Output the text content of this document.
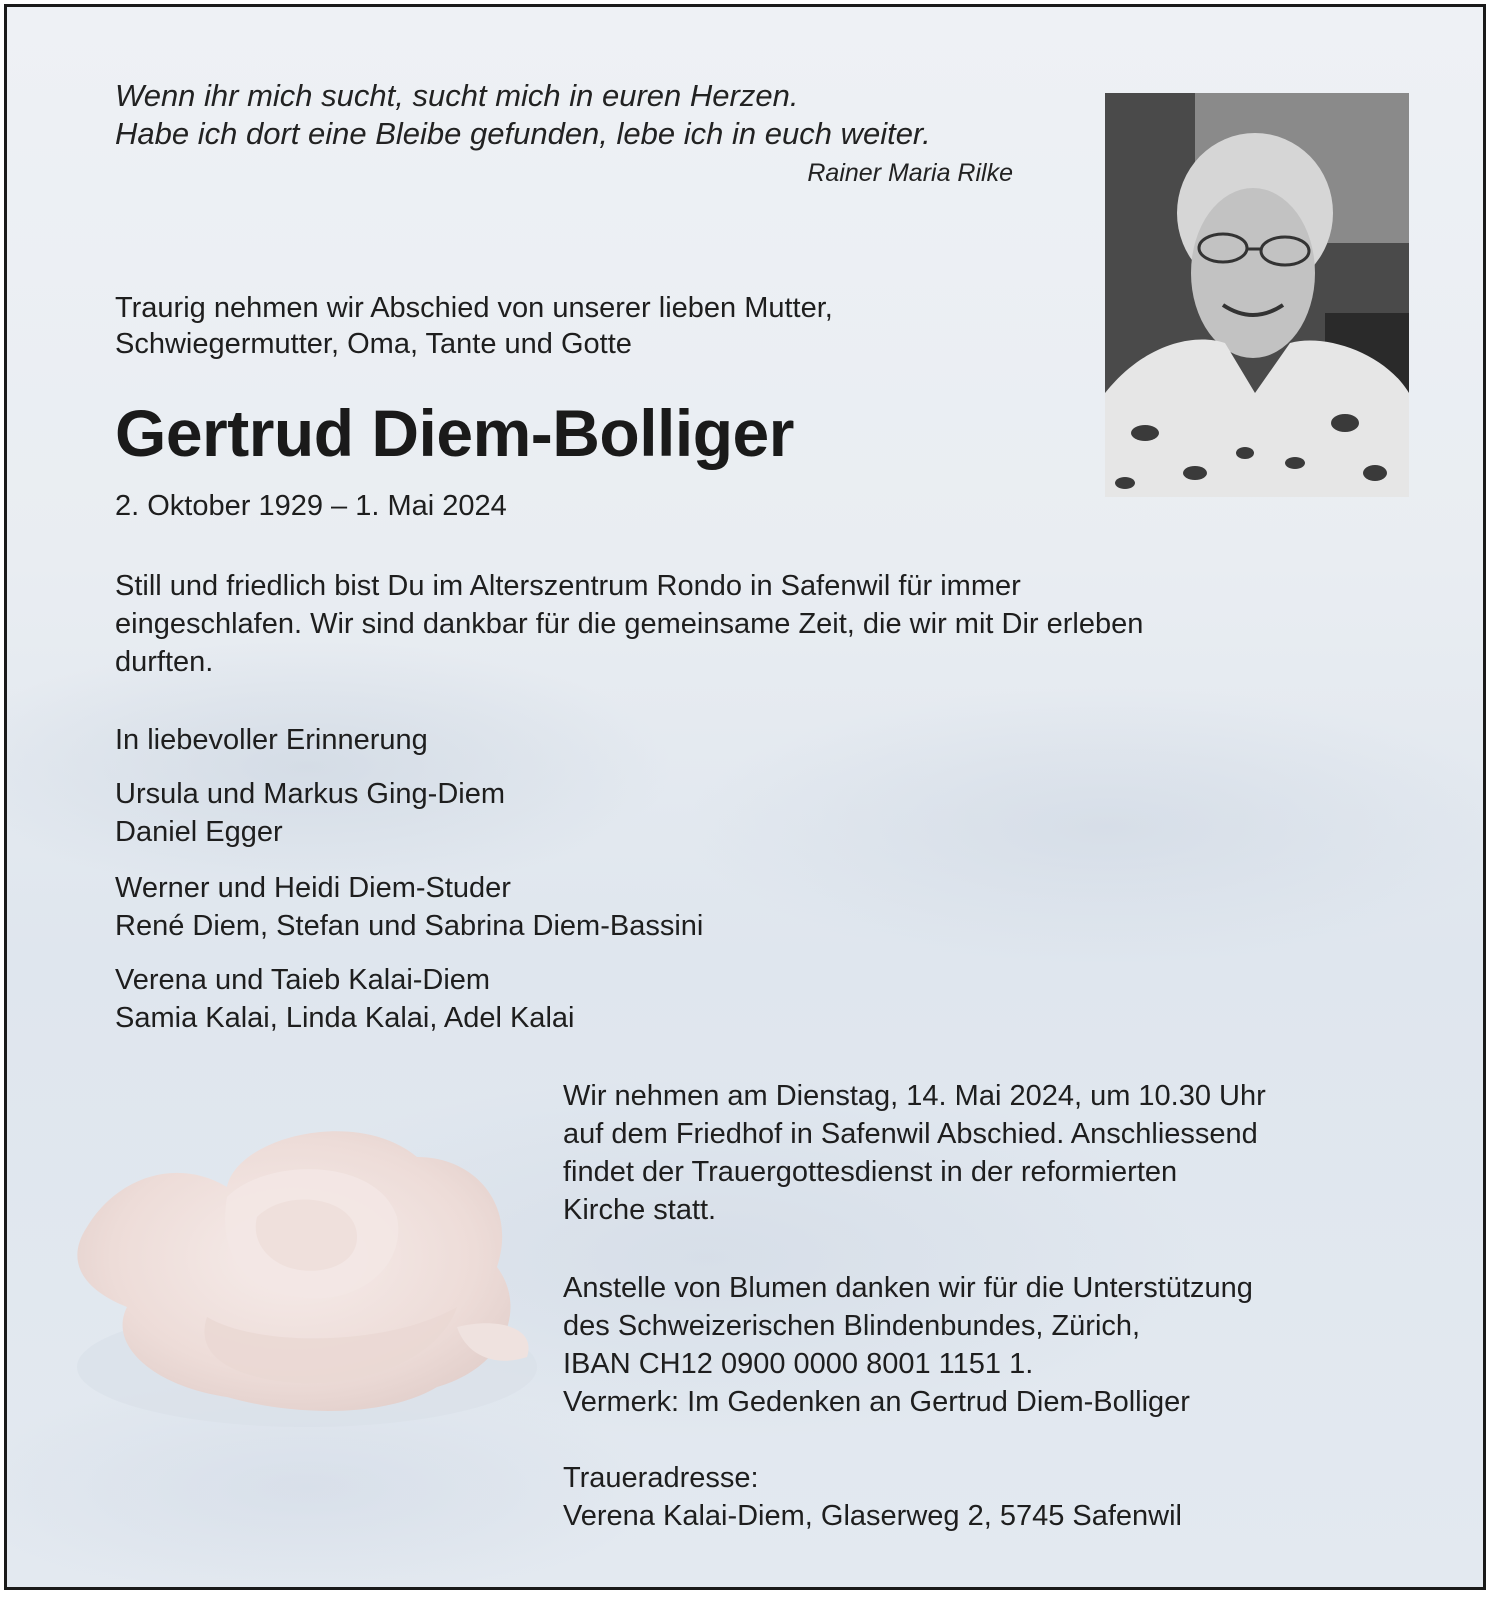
Wenn ihr mich sucht, sucht mich in euren Herzen.
Habe ich dort eine Bleibe gefunden, lebe ich in euch weiter.
Rainer Maria Rilke
Traurig nehmen wir Abschied von unserer lieben Mutter,
Schwiegermutter, Oma, Tante und Gotte
Gertrud Diem-Bolliger
2. Oktober 1929 – 1. Mai 2024
Still und friedlich bist Du im Alterszentrum Rondo in Safenwil für immer
eingeschlafen. Wir sind dankbar für die gemeinsame Zeit, die wir mit Dir erleben
durften.
In liebevoller Erinnerung
Ursula und Markus Ging-Diem
Daniel Egger
Werner und Heidi Diem-Studer
René Diem, Stefan und Sabrina Diem-Bassini
Verena und Taieb Kalai-Diem
Samia Kalai, Linda Kalai, Adel Kalai
Wir nehmen am Dienstag, 14. Mai 2024, um 10.30 Uhr
auf dem Friedhof in Safenwil Abschied. Anschliessend
findet der Trauergottesdienst in der reformierten
Kirche statt.
Anstelle von Blumen danken wir für die Unterstützung
des Schweizerischen Blindenbundes, Zürich,
IBAN CH12 0900 0000 8001 1151 1.
Vermerk: Im Gedenken an Gertrud Diem-Bolliger
Traueradresse:
Verena Kalai-Diem, Glaserweg 2, 5745 Safenwil
